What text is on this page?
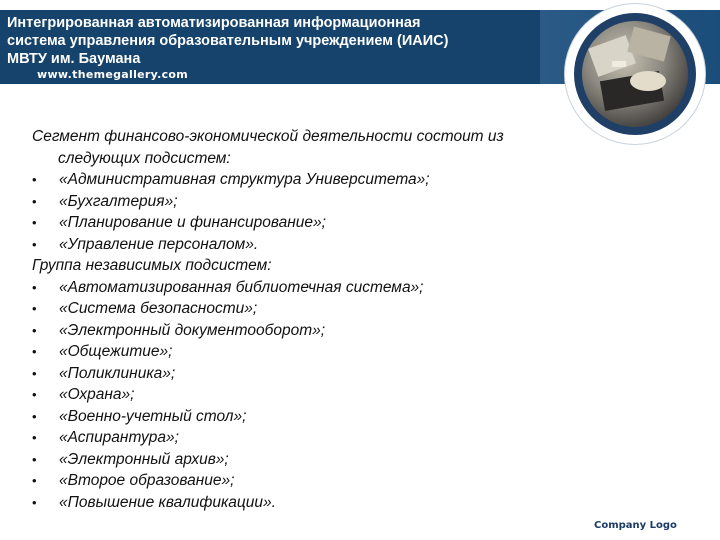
Интегрированная автоматизированная информационная
система управления образовательным учреждением (ИАИС)
МВТУ им. Баумана
www.themegallery.com

Сегмент финансово-экономической деятельности состоит из
следующих подсистем:

• «Административная структура Университета»;
• «Бухгалтерия»;
• «Планирование и финансирование»;
• «Управление персоналом».

Группа независимых подсистем:

• «Автоматизированная библиотечная система»;
• «Система безопасности»;
• «Электронный документооборот»;
• «Общежитие»;
• «Поликлиника»;
• «Охрана»;
• «Военно-учетный стол»;
• «Аспирантура»;
• «Электронный архив»;
• «Второе образование»;
• «Повышение квалификации».
Company Logo
